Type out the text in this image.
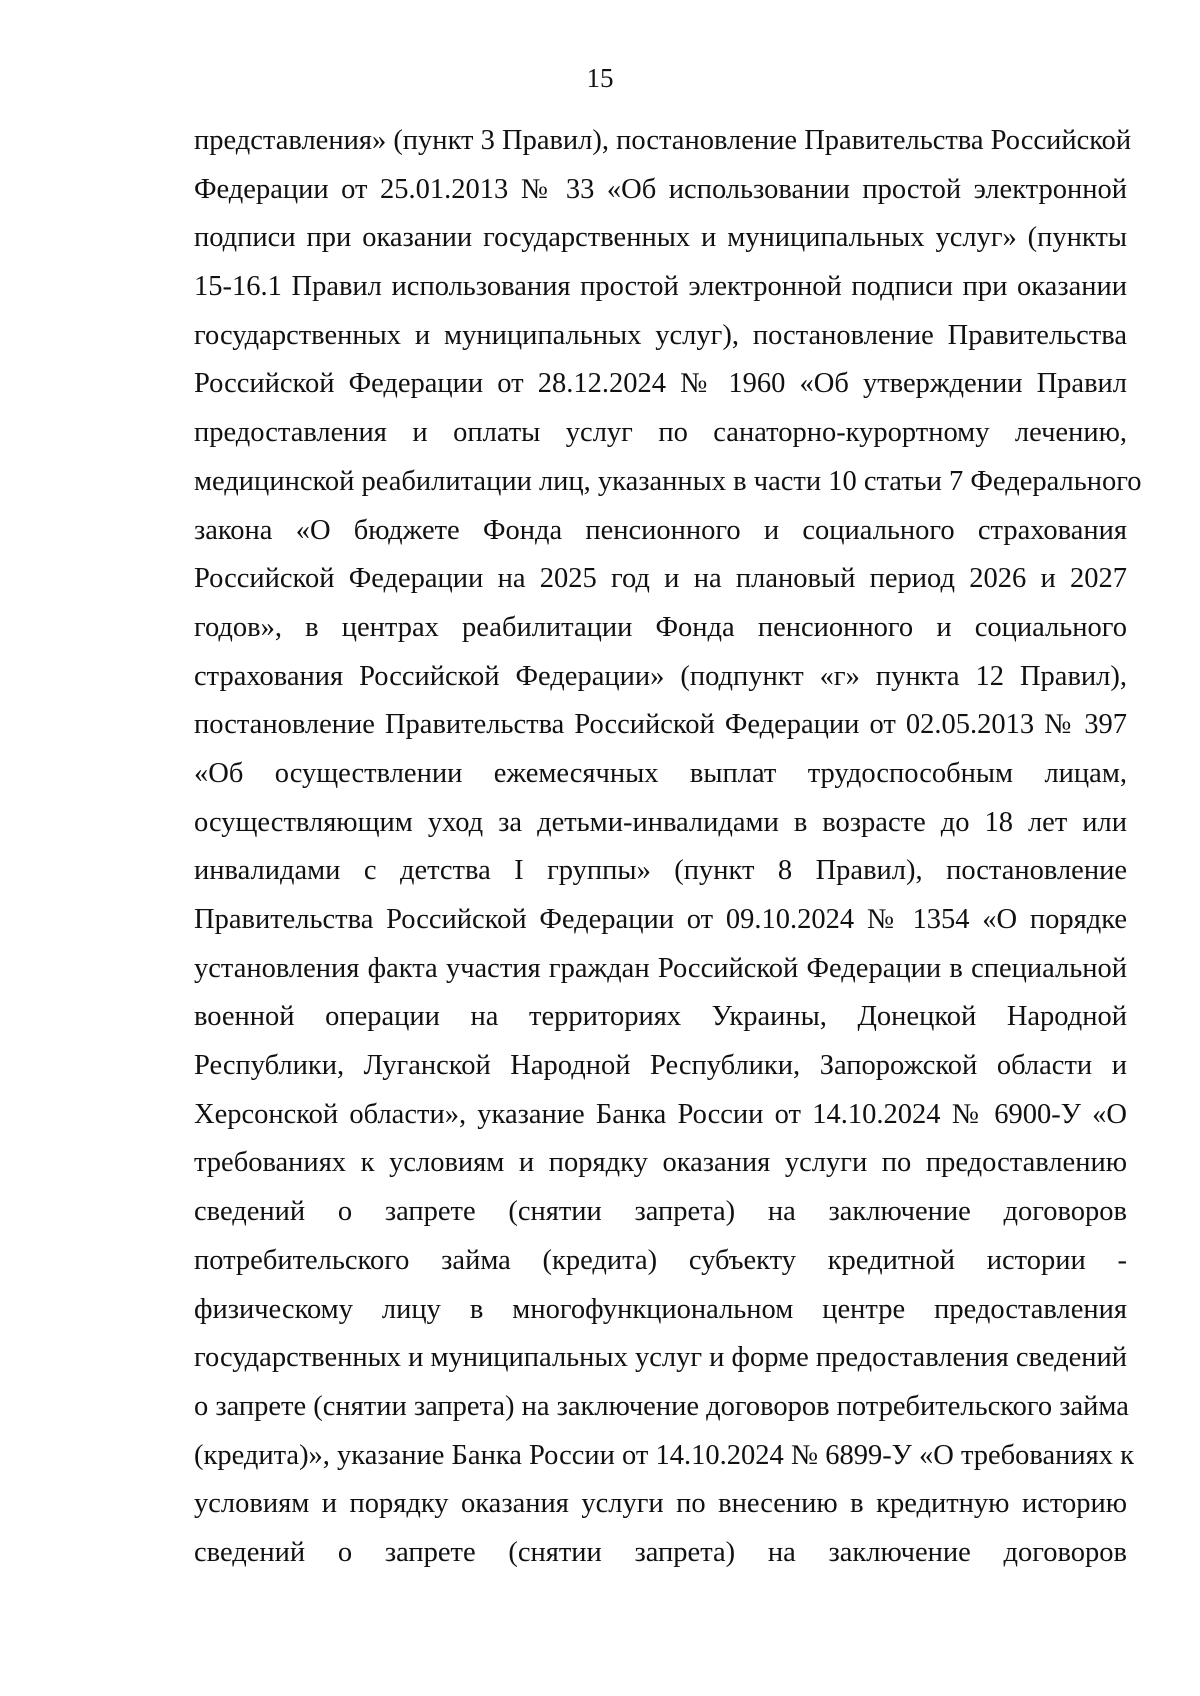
15
представления» (пункт 3 Правил), постановление Правительства Российской
Федерации от 25.01.2013 № 33 «Об использовании простой электронной
подписи при оказании государственных и муниципальных услуг» (пункты
15-16.1 Правил использования простой электронной подписи при оказании
государственных и муниципальных услуг), постановление Правительства
Российской Федерации от 28.12.2024 № 1960 «Об утверждении Правил
предоставления и оплаты услуг по санаторно-курортному лечению,
медицинской реабилитации лиц, указанных в части 10 статьи 7 Федерального
закона «О бюджете Фонда пенсионного и социального страхования
Российской Федерации на 2025 год и на плановый период 2026 и 2027
годов», в центрах реабилитации Фонда пенсионного и социального
страхования Российской Федерации» (подпункт «г» пункта 12 Правил),
постановление Правительства Российской Федерации от 02.05.2013 № 397
«Об осуществлении ежемесячных выплат трудоспособным лицам,
осуществляющим уход за детьми-инвалидами в возрасте до 18 лет или
инвалидами с детства I группы» (пункт 8 Правил), постановление
Правительства Российской Федерации от 09.10.2024 № 1354 «О порядке
установления факта участия граждан Российской Федерации в специальной
военной операции на территориях Украины, Донецкой Народной
Республики, Луганской Народной Республики, Запорожской области и
Херсонской области», указание Банка России от 14.10.2024 № 6900-У «О
требованиях к условиям и порядку оказания услуги по предоставлению
сведений о запрете (снятии запрета) на заключение договоров
потребительского займа (кредита) субъекту кредитной истории -
физическому лицу в многофункциональном центре предоставления
государственных и муниципальных услуг и форме предоставления сведений
о запрете (снятии запрета) на заключение договоров потребительского займа
(кредита)», указание Банка России от 14.10.2024 № 6899-У «О требованиях к
условиям и порядку оказания услуги по внесению в кредитную историю
сведений о запрете (снятии запрета) на заключение договоров
